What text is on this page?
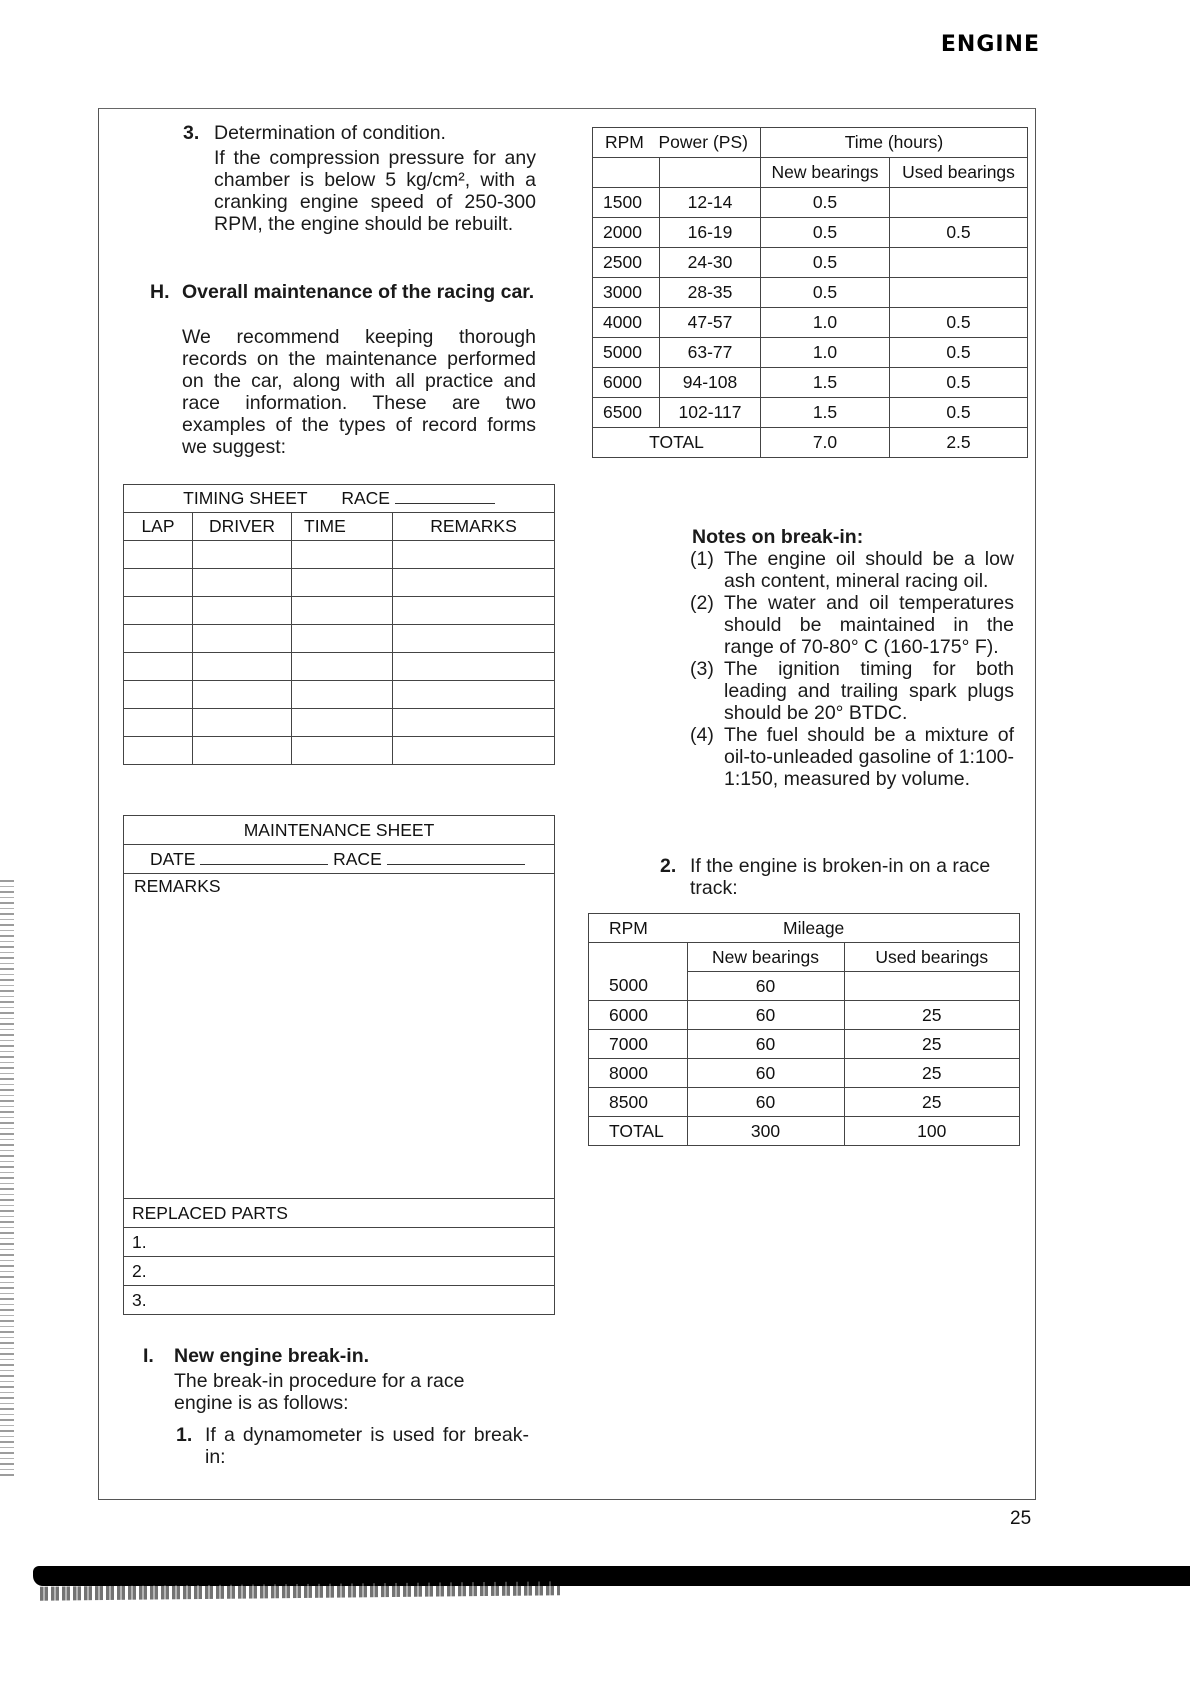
ENGINE
3. Determination of condition.
If the compression pressure for any chamber is below 5 kg/cm², with a cranking engine speed of 250-300 RPM, the engine should be rebuilt.
H. Overall maintenance of the racing car.
We recommend keeping thorough records on the maintenance performed on the car, along with all practice and race information. These are two examples of the types of record forms we suggest:
TIMING SHEET RACE			
LAP	DRIVER	TIME	REMARKS

MAINTENANCE SHEET
DATE	RACE
REMARKS
REPLACED PARTS
1.
2.
3.
RPM Power (PS)		Time (hours)	
		New bearings	Used bearings
1500	12-14	0.5	
2000	16-19	0.5	0.5
2500	24-30	0.5	
3000	28-35	0.5	
4000	47-57	1.0	0.5
5000	63-77	1.0	0.5
6000	94-108	1.5	0.5
6500	102-117	1.5	0.5
TOTAL		7.0	2.5
Notes on break-in:
(1) The engine oil should be a low ash content, mineral racing oil.
(2) The water and oil temperatures should be maintained in the range of 70-80° C (160-175° F).
(3) The ignition timing for both leading and trailing spark plugs should be 20° BTDC.
(4) The fuel should be a mixture of oil-to-unleaded gasoline of 1:100-1:150, measured by volume.
2. If the engine is broken-in on a race track:
RPM	Mileage	
	New bearings	Used bearings
5000	60	
6000	60	25
7000	60	25
8000	60	25
8500	60	25
TOTAL	300	100
I. New engine break-in.
The break-in procedure for a race engine is as follows:
1. If a dynamometer is used for break-in:
25
